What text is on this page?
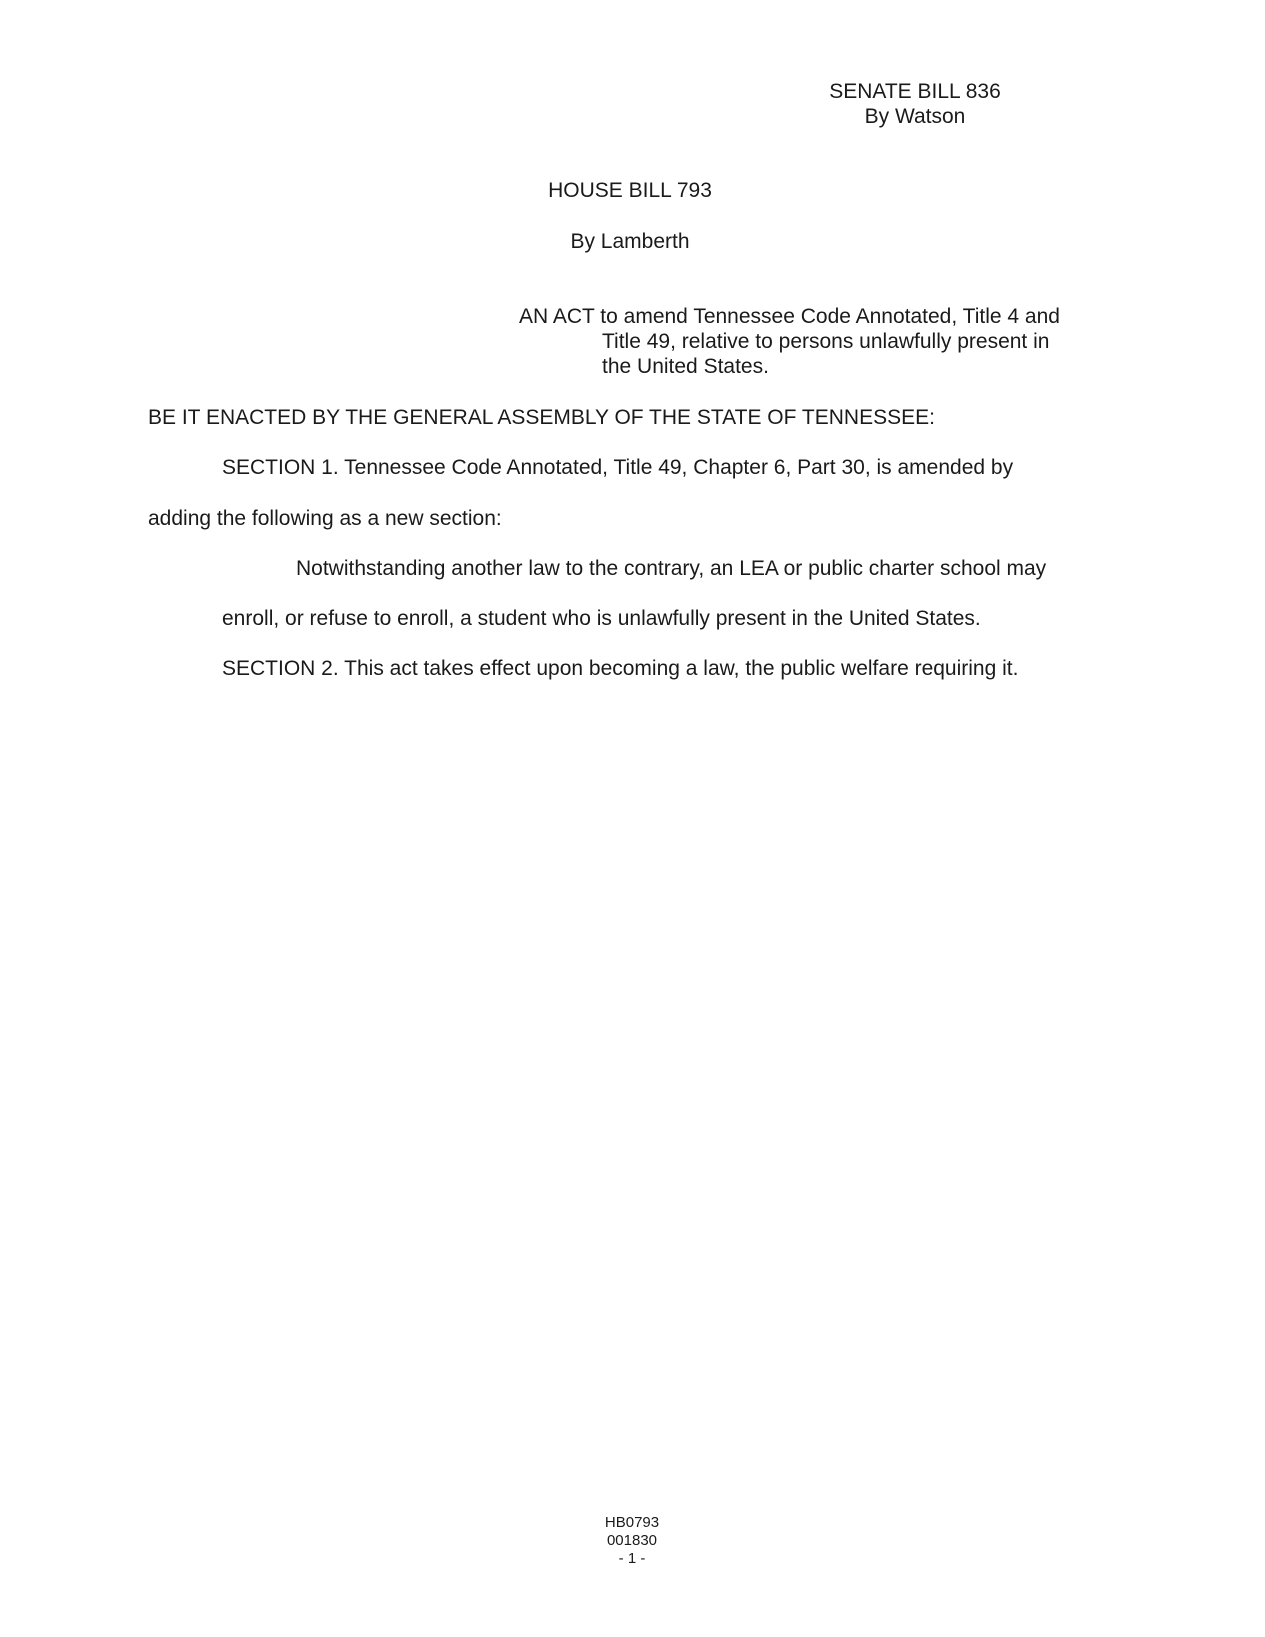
SENATE BILL 836
By Watson
HOUSE BILL 793
By Lamberth
AN ACT to amend Tennessee Code Annotated, Title 4 and
Title 49, relative to persons unlawfully present in
the United States.
BE IT ENACTED BY THE GENERAL ASSEMBLY OF THE STATE OF TENNESSEE:
SECTION 1. Tennessee Code Annotated, Title 49, Chapter 6, Part 30, is amended by
adding the following as a new section:
Notwithstanding another law to the contrary, an LEA or public charter school may
enroll, or refuse to enroll, a student who is unlawfully present in the United States.
SECTION 2. This act takes effect upon becoming a law, the public welfare requiring it.
HB0793
001830
- 1 -
